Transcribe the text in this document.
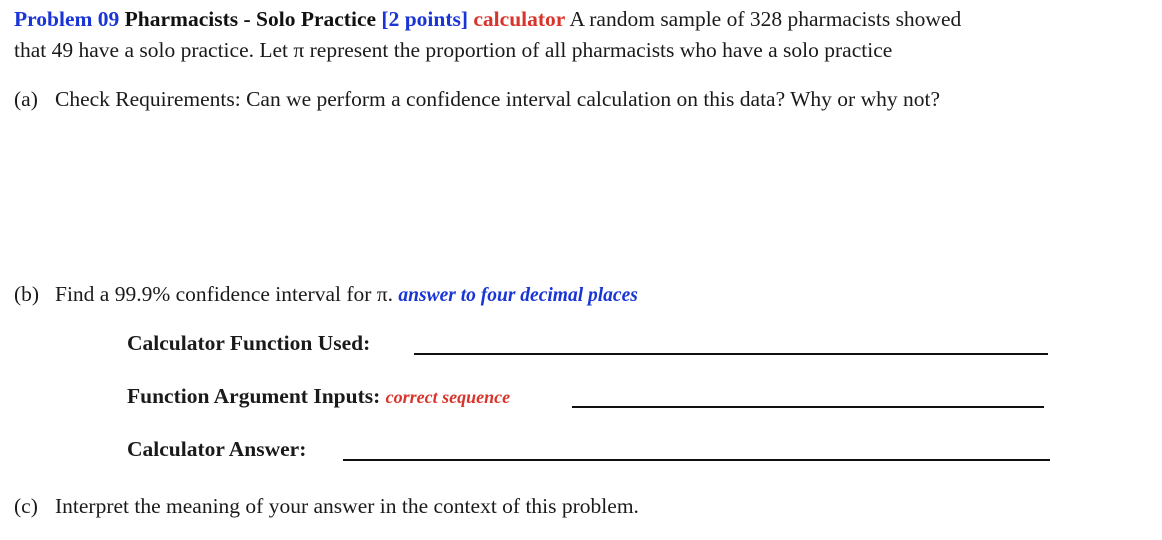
Problem 09 Pharmacists - Solo Practice [2 points] calculator A random sample of 328 pharmacists showed
that 49 have a solo practice. Let π represent the proportion of all pharmacists who have a solo practice
(a) Check Requirements: Can we perform a confidence interval calculation on this data? Why or why not?
(b) Find a 99.9% confidence interval for π. answer to four decimal places
Calculator Function Used:
Function Argument Inputs: correct sequence
Calculator Answer:
(c) Interpret the meaning of your answer in the context of this problem.
